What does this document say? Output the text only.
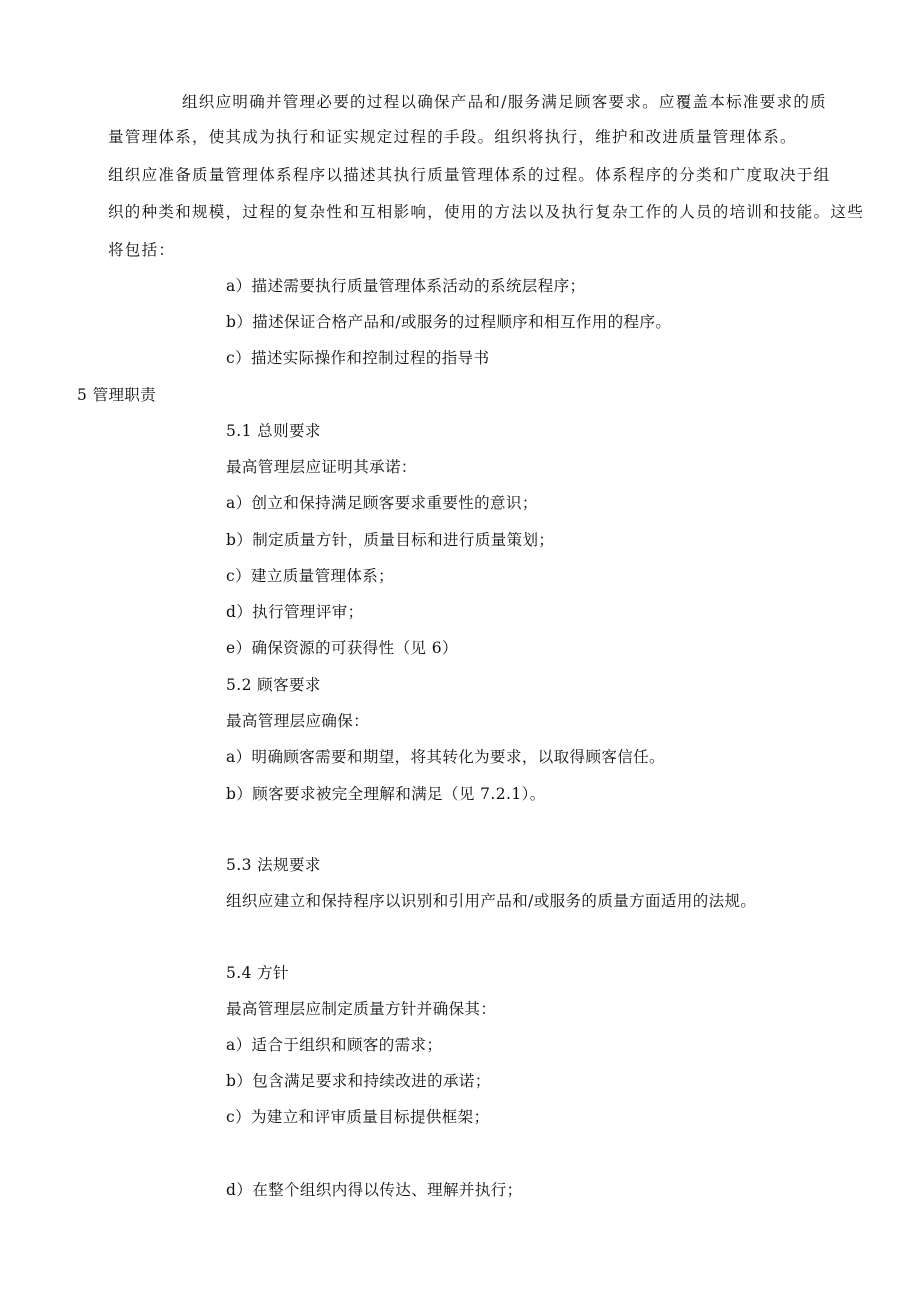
组织应明确并管理必要的过程以确保产品和/服务满足顾客要求。应覆盖本标准要求的质
量管理体系，使其成为执行和证实规定过程的手段。组织将执行，维护和改进质量管理体系。
组织应准备质量管理体系程序以描述其执行质量管理体系的过程。体系程序的分类和广度取决于组
织的种类和规模，过程的复杂性和互相影响，使用的方法以及执行复杂工作的人员的培训和技能。这些
将包括：
a）描述需要执行质量管理体系活动的系统层程序；
b）描述保证合格产品和/或服务的过程顺序和相互作用的程序。
c）描述实际操作和控制过程的指导书
5 管理职责
5.1 总则要求
最高管理层应证明其承诺：
a）创立和保持满足顾客要求重要性的意识；
b）制定质量方针，质量目标和进行质量策划；
c）建立质量管理体系；
d）执行管理评审；
e）确保资源的可获得性（见 6）
5.2 顾客要求
最高管理层应确保：
a）明确顾客需要和期望，将其转化为要求，以取得顾客信任。
b）顾客要求被完全理解和满足（见 7.2.1）。
5.3 法规要求
组织应建立和保持程序以识别和引用产品和/或服务的质量方面适用的法规。
5.4 方针
最高管理层应制定质量方针并确保其：
a）适合于组织和顾客的需求；
b）包含满足要求和持续改进的承诺；
c）为建立和评审质量目标提供框架；
d）在整个组织内得以传达、理解并执行；
